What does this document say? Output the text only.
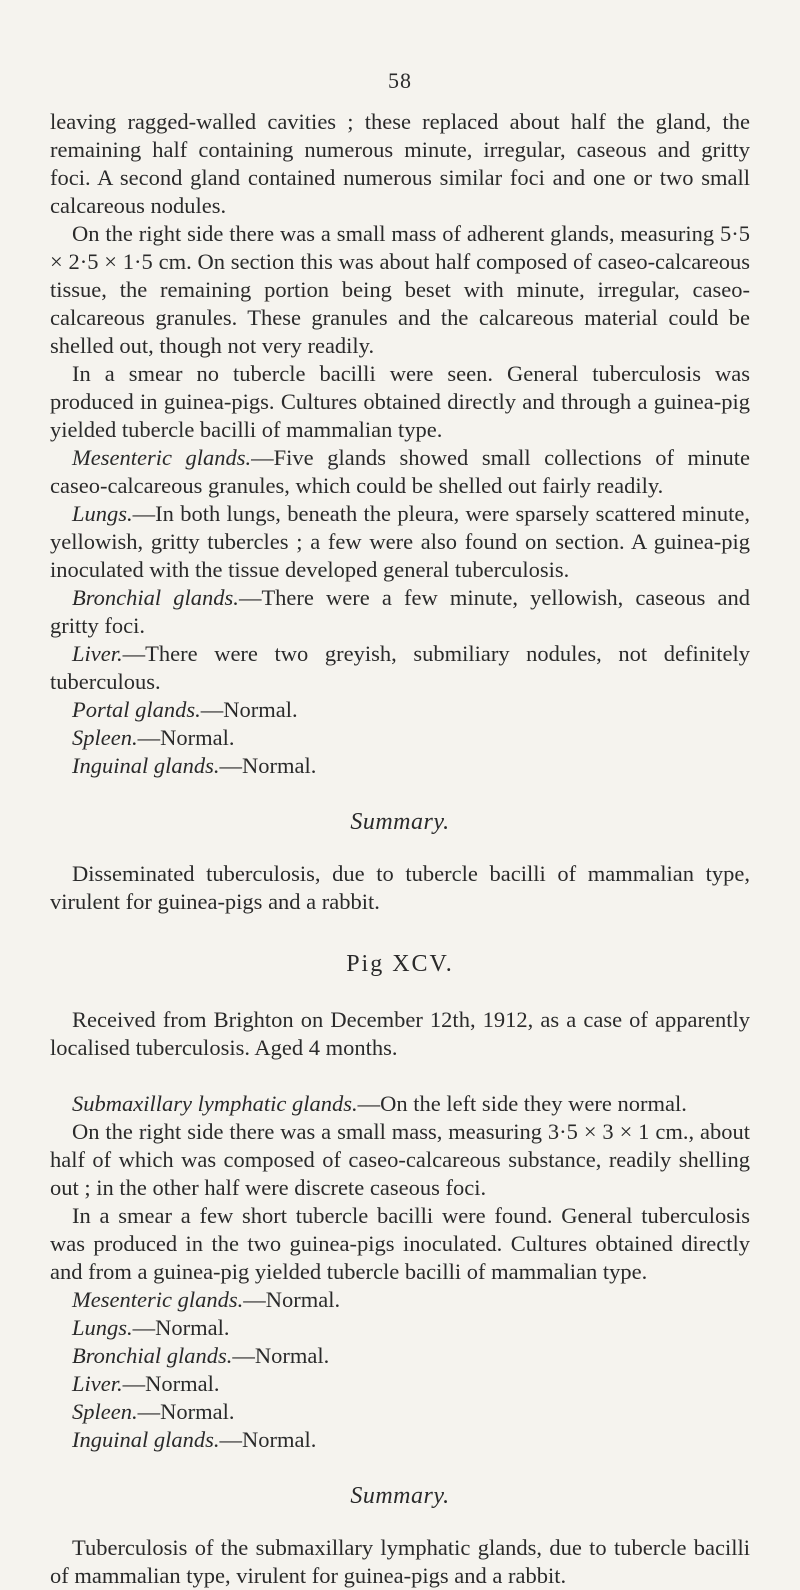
58

leaving ragged-walled cavities ; these replaced about half the gland, the remaining half containing numerous minute, irregular, caseous and gritty foci. A second gland contained numerous similar foci and one or two small calcareous nodules.

On the right side there was a small mass of adherent glands, measuring 5·5 × 2·5 × 1·5 cm. On section this was about half composed of caseo-calcareous tissue, the remaining portion being beset with minute, irregular, caseo-calcareous granules. These granules and the calcareous material could be shelled out, though not very readily.

In a smear no tubercle bacilli were seen. General tuberculosis was produced in guinea-pigs. Cultures obtained directly and through a guinea-pig yielded tubercle bacilli of mammalian type.

Mesenteric glands.—Five glands showed small collections of minute caseo-calcareous granules, which could be shelled out fairly readily.

Lungs.—In both lungs, beneath the pleura, were sparsely scattered minute, yellowish, gritty tubercles ; a few were also found on section. A guinea-pig inoculated with the tissue developed general tuberculosis.

Bronchial glands.—There were a few minute, yellowish, caseous and gritty foci.

Liver.—There were two greyish, submiliary nodules, not definitely tuberculous.

Portal glands.—Normal.

Spleen.—Normal.

Inguinal glands.—Normal.

Summary.

Disseminated tuberculosis, due to tubercle bacilli of mammalian type, virulent for guinea-pigs and a rabbit.

Pig XCV.

Received from Brighton on December 12th, 1912, as a case of apparently localised tuberculosis. Aged 4 months.

Submaxillary lymphatic glands.—On the left side they were normal.

On the right side there was a small mass, measuring 3·5 × 3 × 1 cm., about half of which was composed of caseo-calcareous substance, readily shelling out ; in the other half were discrete caseous foci.

In a smear a few short tubercle bacilli were found. General tuberculosis was produced in the two guinea-pigs inoculated. Cultures obtained directly and from a guinea-pig yielded tubercle bacilli of mammalian type.

Mesenteric glands.—Normal.

Lungs.—Normal.

Bronchial glands.—Normal.

Liver.—Normal.

Spleen.—Normal.

Inguinal glands.—Normal.

Summary.

Tuberculosis of the submaxillary lymphatic glands, due to tubercle bacilli of mammalian type, virulent for guinea-pigs and a rabbit.
